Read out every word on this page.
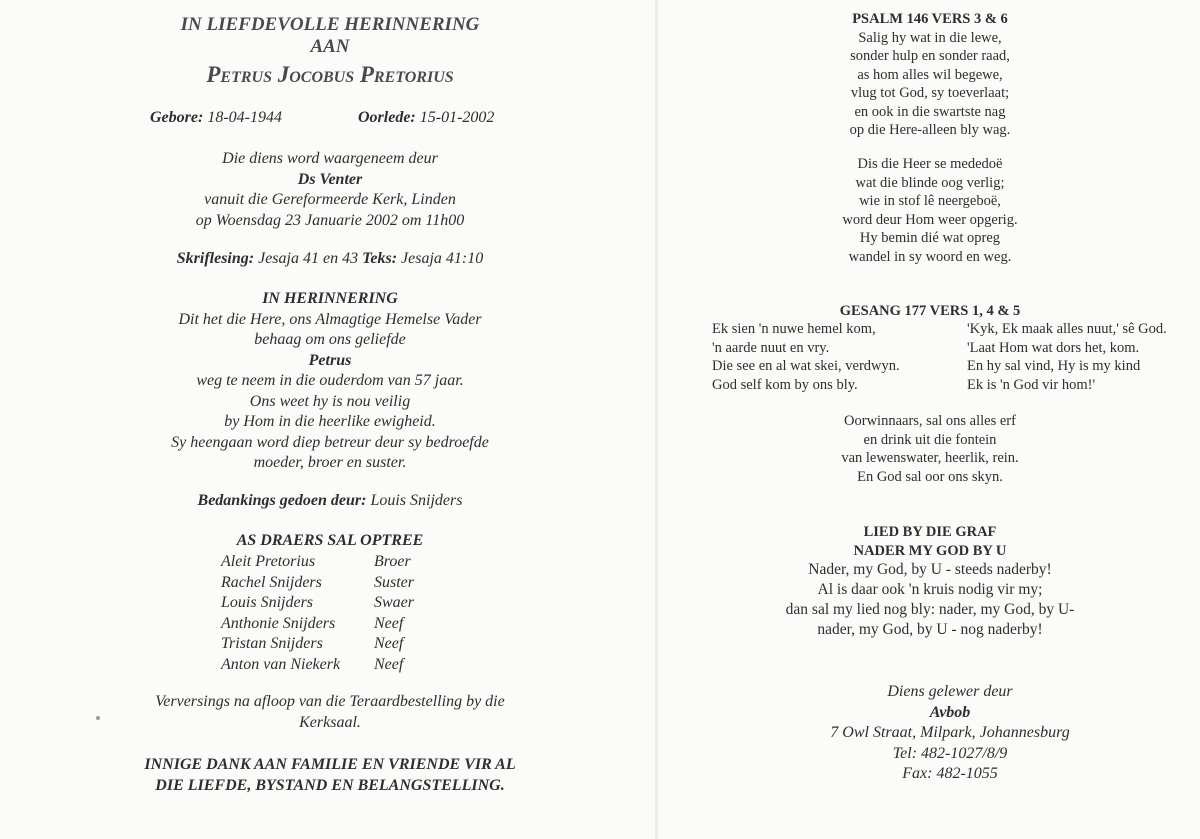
IN LIEFDEVOLLE HERINNERING
AAN
Petrus Jocobus Pretorius
Gebore: 18-04-1944	Oorlede: 15-01-2002
Die diens word waargeneem deur
Ds Venter
vanuit die Gereformeerde Kerk, Linden
op Woensdag 23 Januarie 2002 om 11h00
Skriflesing: Jesaja 41 en 43 Teks: Jesaja 41:10
IN HERINNERING
Dit het die Here, ons Almagtige Hemelse Vader
behaag om ons geliefde
Petrus
weg te neem in die ouderdom van 57 jaar.
Ons weet hy is nou veilig
by Hom in die heerlike ewigheid.
Sy heengaan word diep betreur deur sy bedroefde
moeder, broer en suster.
Bedankings gedoen deur: Louis Snijders
AS DRAERS SAL OPTREE
Aleit Pretorius	Broer
Rachel Snijders	Suster
Louis Snijders	Swaer
Anthonie Snijders Neef
Tristan Snijders	Neef
Anton van Niekerk Neef
Verversings na afloop van die Teraardbestelling by die
Kerksaal.
INNIGE DANK AAN FAMILIE EN VRIENDE VIR AL
DIE LIEFDE, BYSTAND EN BELANGSTELLING.
PSALM 146 VERS 3 & 6
Salig hy wat in die lewe,
sonder hulp en sonder raad,
as hom alles wil begewe,
vlug tot God, sy toeverlaat;
en ook in die swartste nag
op die Here-alleen bly wag.
Dis die Heer se mededoë
wat die blinde oog verlig;
wie in stof lê neergeboë,
word deur Hom weer opgerig.
Hy bemin dié wat opreg
wandel in sy woord en weg.
GESANG 177 VERS 1, 4 & 5
Ek sien 'n nuwe hemel kom,
'n aarde nuut en vry.
Die see en al wat skei, verdwyn.
God self kom by ons bly.
'Kyk, Ek maak alles nuut,' sê God.
'Laat Hom wat dors het, kom.
En hy sal vind, Hy is my kind
Ek is 'n God vir hom!'
Oorwinnaars, sal ons alles erf
en drink uit die fontein
van lewenswater, heerlik, rein.
En God sal oor ons skyn.
LIED BY DIE GRAF
NADER MY GOD BY U
Nader, my God, by U - steeds naderby!
Al is daar ook 'n kruis nodig vir my;
dan sal my lied nog bly: nader, my God, by U-
nader, my God, by U - nog naderby!
Diens gelewer deur
Avbob
7 Owl Straat, Milpark, Johannesburg
Tel: 482-1027/8/9
Fax: 482-1055
